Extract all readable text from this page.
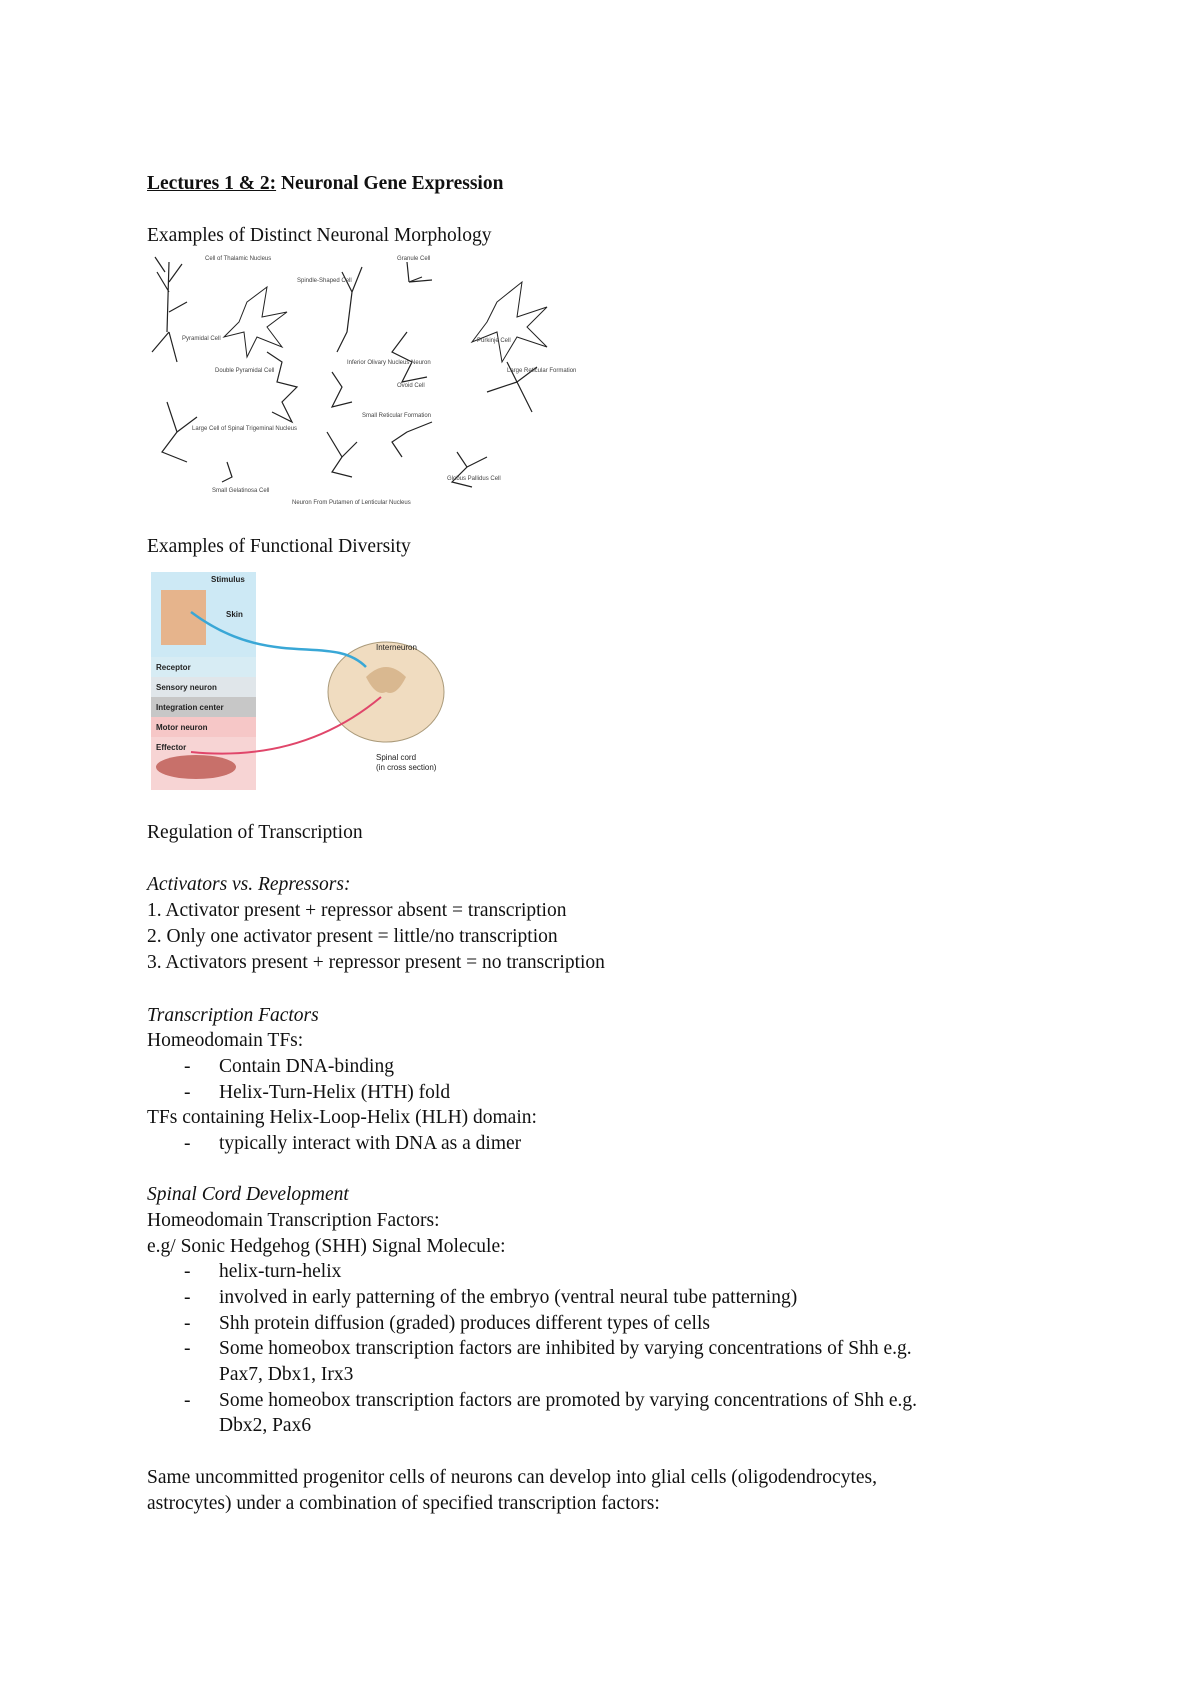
Lectures 1 & 2: Neuronal Gene Expression
Examples of Distinct Neuronal Morphology
Cell of Thalamic Nucleus
Spindle-Shaped Cell
Granule Cell
Purkinje Cell
Pyramidal Cell
Double Pyramidal Cell
Inferior Olivary Nucleus Neuron
Ovoid Cell
Large Reticular Formation
Large Cell of Spinal Trigeminal Nucleus
Small Reticular Formation
Small Gelatinosa Cell
Neuron From Putamen of Lenticular Nucleus
Globus Pallidus Cell
Examples of Functional Diversity
Stimulus
Skin
Receptor
Sensory neuron
Integration center
Motor neuron
Effector
Interneuron
Spinal cord
(in cross section)
Regulation of Transcription
Activators vs. Repressors:
1. Activator present + repressor absent = transcription
2. Only one activator present = little/no transcription
3. Activators present + repressor present = no transcription
Transcription Factors
Homeodomain TFs:
- Contain DNA-binding
- Helix-Turn-Helix (HTH) fold
TFs containing Helix-Loop-Helix (HLH) domain:
- typically interact with DNA as a dimer
Spinal Cord Development
Homeodomain Transcription Factors:
e.g/ Sonic Hedgehog (SHH) Signal Molecule:
- helix-turn-helix
- involved in early patterning of the embryo (ventral neural tube patterning)
- Shh protein diffusion (graded) produces different types of cells
- Some homeobox transcription factors are inhibited by varying concentrations of Shh e.g.
Pax7, Dbx1, Irx3
- Some homeobox transcription factors are promoted by varying concentrations of Shh e.g.
Dbx2, Pax6
Same uncommitted progenitor cells of neurons can develop into glial cells (oligodendrocytes,
astrocytes) under a combination of specified transcription factors:
